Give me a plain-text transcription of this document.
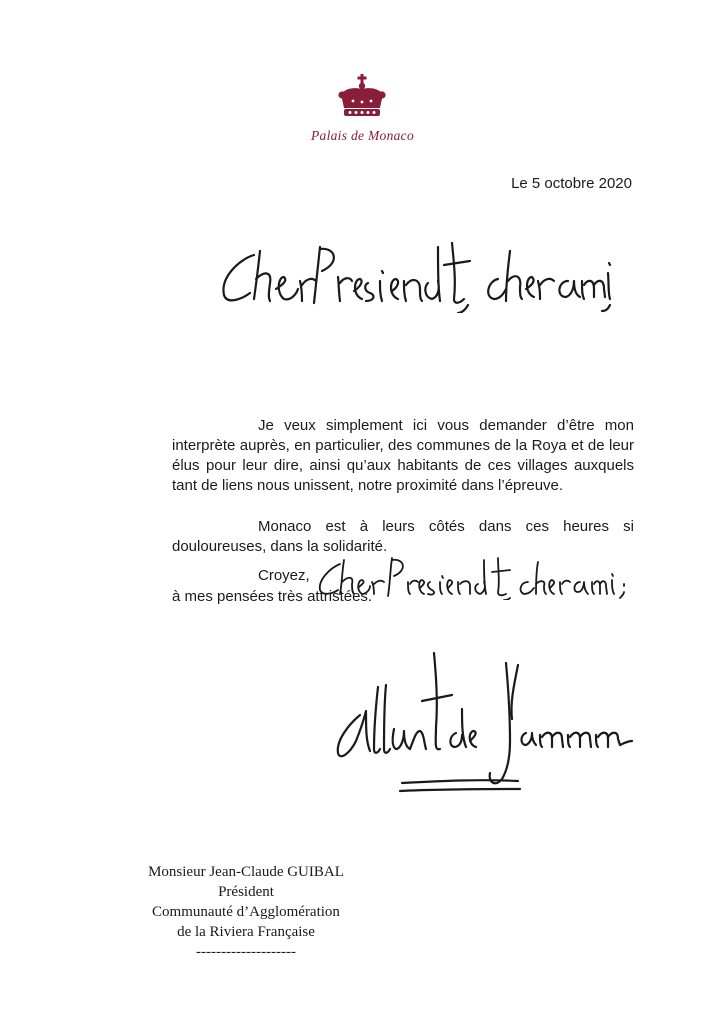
Palais de Monaco
Le 5 octobre 2020

Je veux simplement ici vous demander d’être mon interprète auprès, en particulier, des communes de la Roya et de leur élus pour leur dire, ainsi qu’aux habitants de ces villages auxquels tant de liens nous unissent, notre proximité dans l’épreuve.

Monaco est à leurs côtés dans ces heures si douloureuses, dans la solidarité.

Croyez,
à mes pensées très attristées.
Monsieur Jean-Claude GUIBAL
Président
Communauté d’Agglomération
de la Riviera Française
--------------------
